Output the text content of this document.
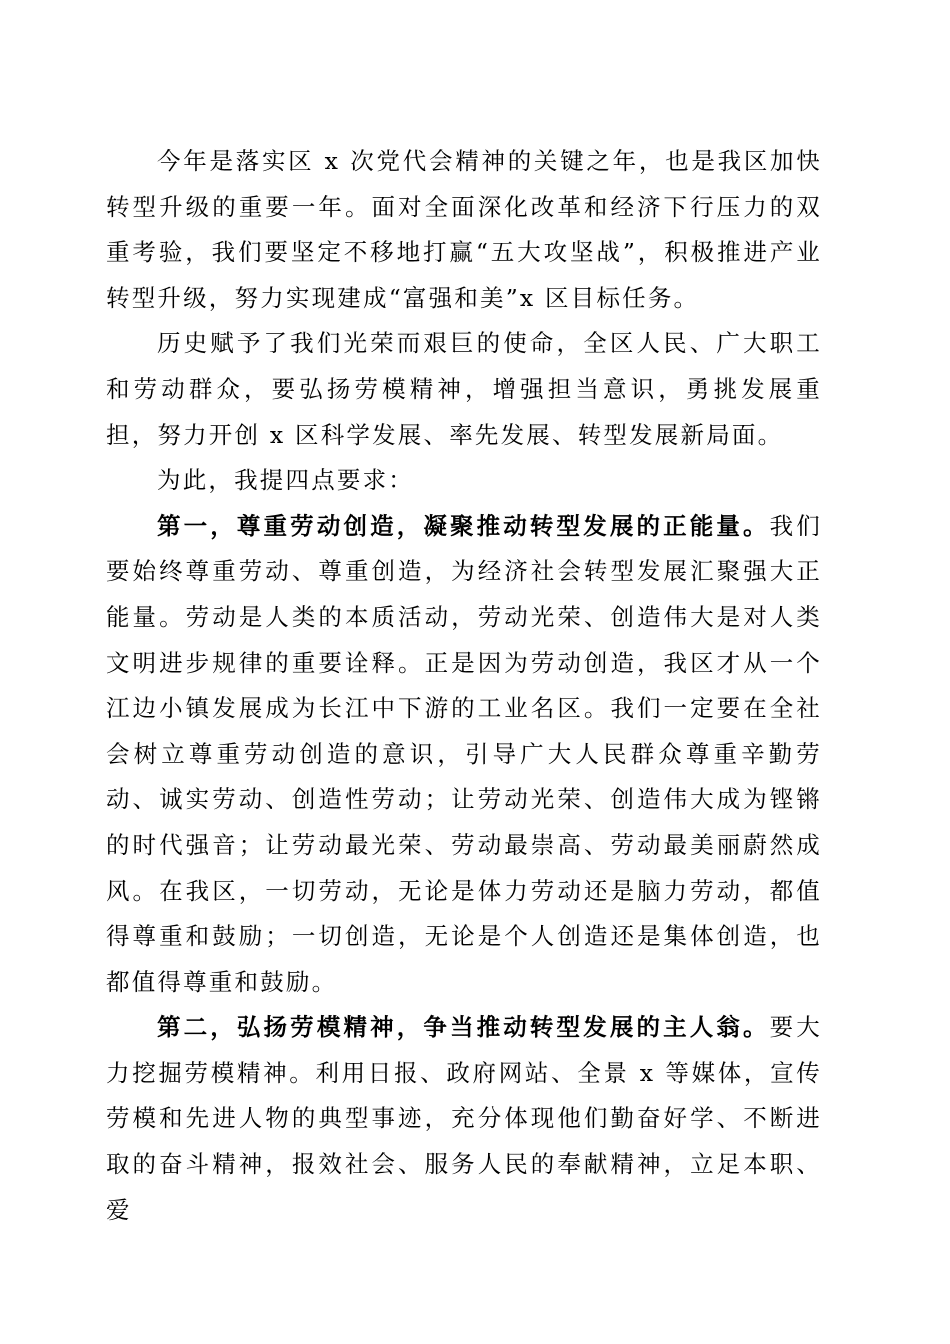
今年是落实区 x 次党代会精神的关键之年，也是我区加快转型升级的重要一年。面对全面深化改革和经济下行压力的双重考验，我们要坚定不移地打赢“五大攻坚战”，积极推进产业转型升级，努力实现建成“富强和美”x 区目标任务。

历史赋予了我们光荣而艰巨的使命，全区人民、广大职工和劳动群众，要弘扬劳模精神，增强担当意识，勇挑发展重担，努力开创 x 区科学发展、率先发展、转型发展新局面。

为此，我提四点要求：

第一，尊重劳动创造，凝聚推动转型发展的正能量。我们要始终尊重劳动、尊重创造，为经济社会转型发展汇聚强大正能量。劳动是人类的本质活动，劳动光荣、创造伟大是对人类文明进步规律的重要诠释。正是因为劳动创造，我区才从一个江边小镇发展成为长江中下游的工业名区。我们一定要在全社会树立尊重劳动创造的意识，引导广大人民群众尊重辛勤劳动、诚实劳动、创造性劳动；让劳动光荣、创造伟大成为铿锵的时代强音；让劳动最光荣、劳动最崇高、劳动最美丽蔚然成风。在我区，一切劳动，无论是体力劳动还是脑力劳动，都值得尊重和鼓励；一切创造，无论是个人创造还是集体创造，也都值得尊重和鼓励。

第二，弘扬劳模精神，争当推动转型发展的主人翁。要大力挖掘劳模精神。利用日报、政府网站、全景 x 等媒体，宣传劳模和先进人物的典型事迹，充分体现他们勤奋好学、不断进取的奋斗精神，报效社会、服务人民的奉献精神，立足本职、爱
